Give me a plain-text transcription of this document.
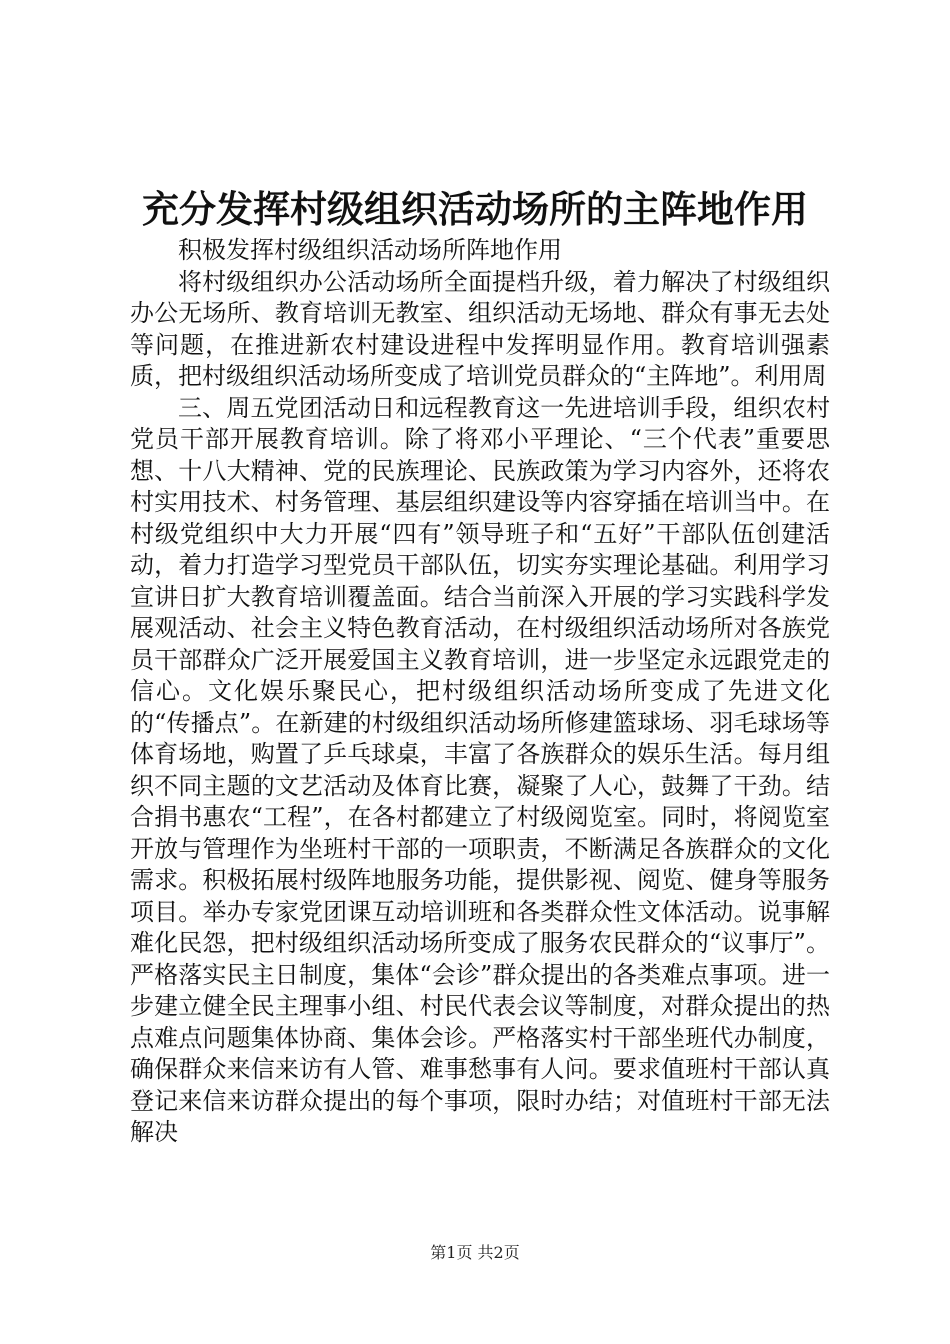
充分发挥村级组织活动场所的主阵地作用

积极发挥村级组织活动场所阵地作用

将村级组织办公活动场所全面提档升级，着力解决了村级组织办公无场所、教育培训无教室、组织活动无场地、群众有事无去处等问题，在推进新农村建设进程中发挥明显作用。教育培训强素质，把村级组织活动场所变成了培训党员群众的“主阵地”。利用周

三、周五党团活动日和远程教育这一先进培训手段，组织农村党员干部开展教育培训。除了将邓小平理论、“三个代表”重要思想、十八大精神、党的民族理论、民族政策为学习内容外，还将农村实用技术、村务管理、基层组织建设等内容穿插在培训当中。在村级党组织中大力开展“四有”领导班子和“五好”干部队伍创建活动，着力打造学习型党员干部队伍，切实夯实理论基础。利用学习宣讲日扩大教育培训覆盖面。结合当前深入开展的学习实践科学发展观活动、社会主义特色教育活动，在村级组织活动场所对各族党员干部群众广泛开展爱国主义教育培训，进一步坚定永远跟党走的信心。文化娱乐聚民心，把村级组织活动场所变成了先进文化的“传播点”。在新建的村级组织活动场所修建篮球场、羽毛球场等体育场地，购置了乒乓球桌，丰富了各族群众的娱乐生活。每月组织不同主题的文艺活动及体育比赛，凝聚了人心，鼓舞了干劲。结合捐书惠农“工程”，在各村都建立了村级阅览室。同时，将阅览室开放与管理作为坐班村干部的一项职责，不断满足各族群众的文化需求。积极拓展村级阵地服务功能，提供影视、阅览、健身等服务项目。举办专家党团课互动培训班和各类群众性文体活动。说事解难化民怨，把村级组织活动场所变成了服务农民群众的“议事厅”。严格落实民主日制度，集体“会诊”群众提出的各类难点事项。进一步建立健全民主理事小组、村民代表会议等制度，对群众提出的热点难点问题集体协商、集体会诊。严格落实村干部坐班代办制度，确保群众来信来访有人管、难事愁事有人问。要求值班村干部认真登记来信来访群众提出的每个事项，限时办结；对值班村干部无法解决

第1页 共2页
